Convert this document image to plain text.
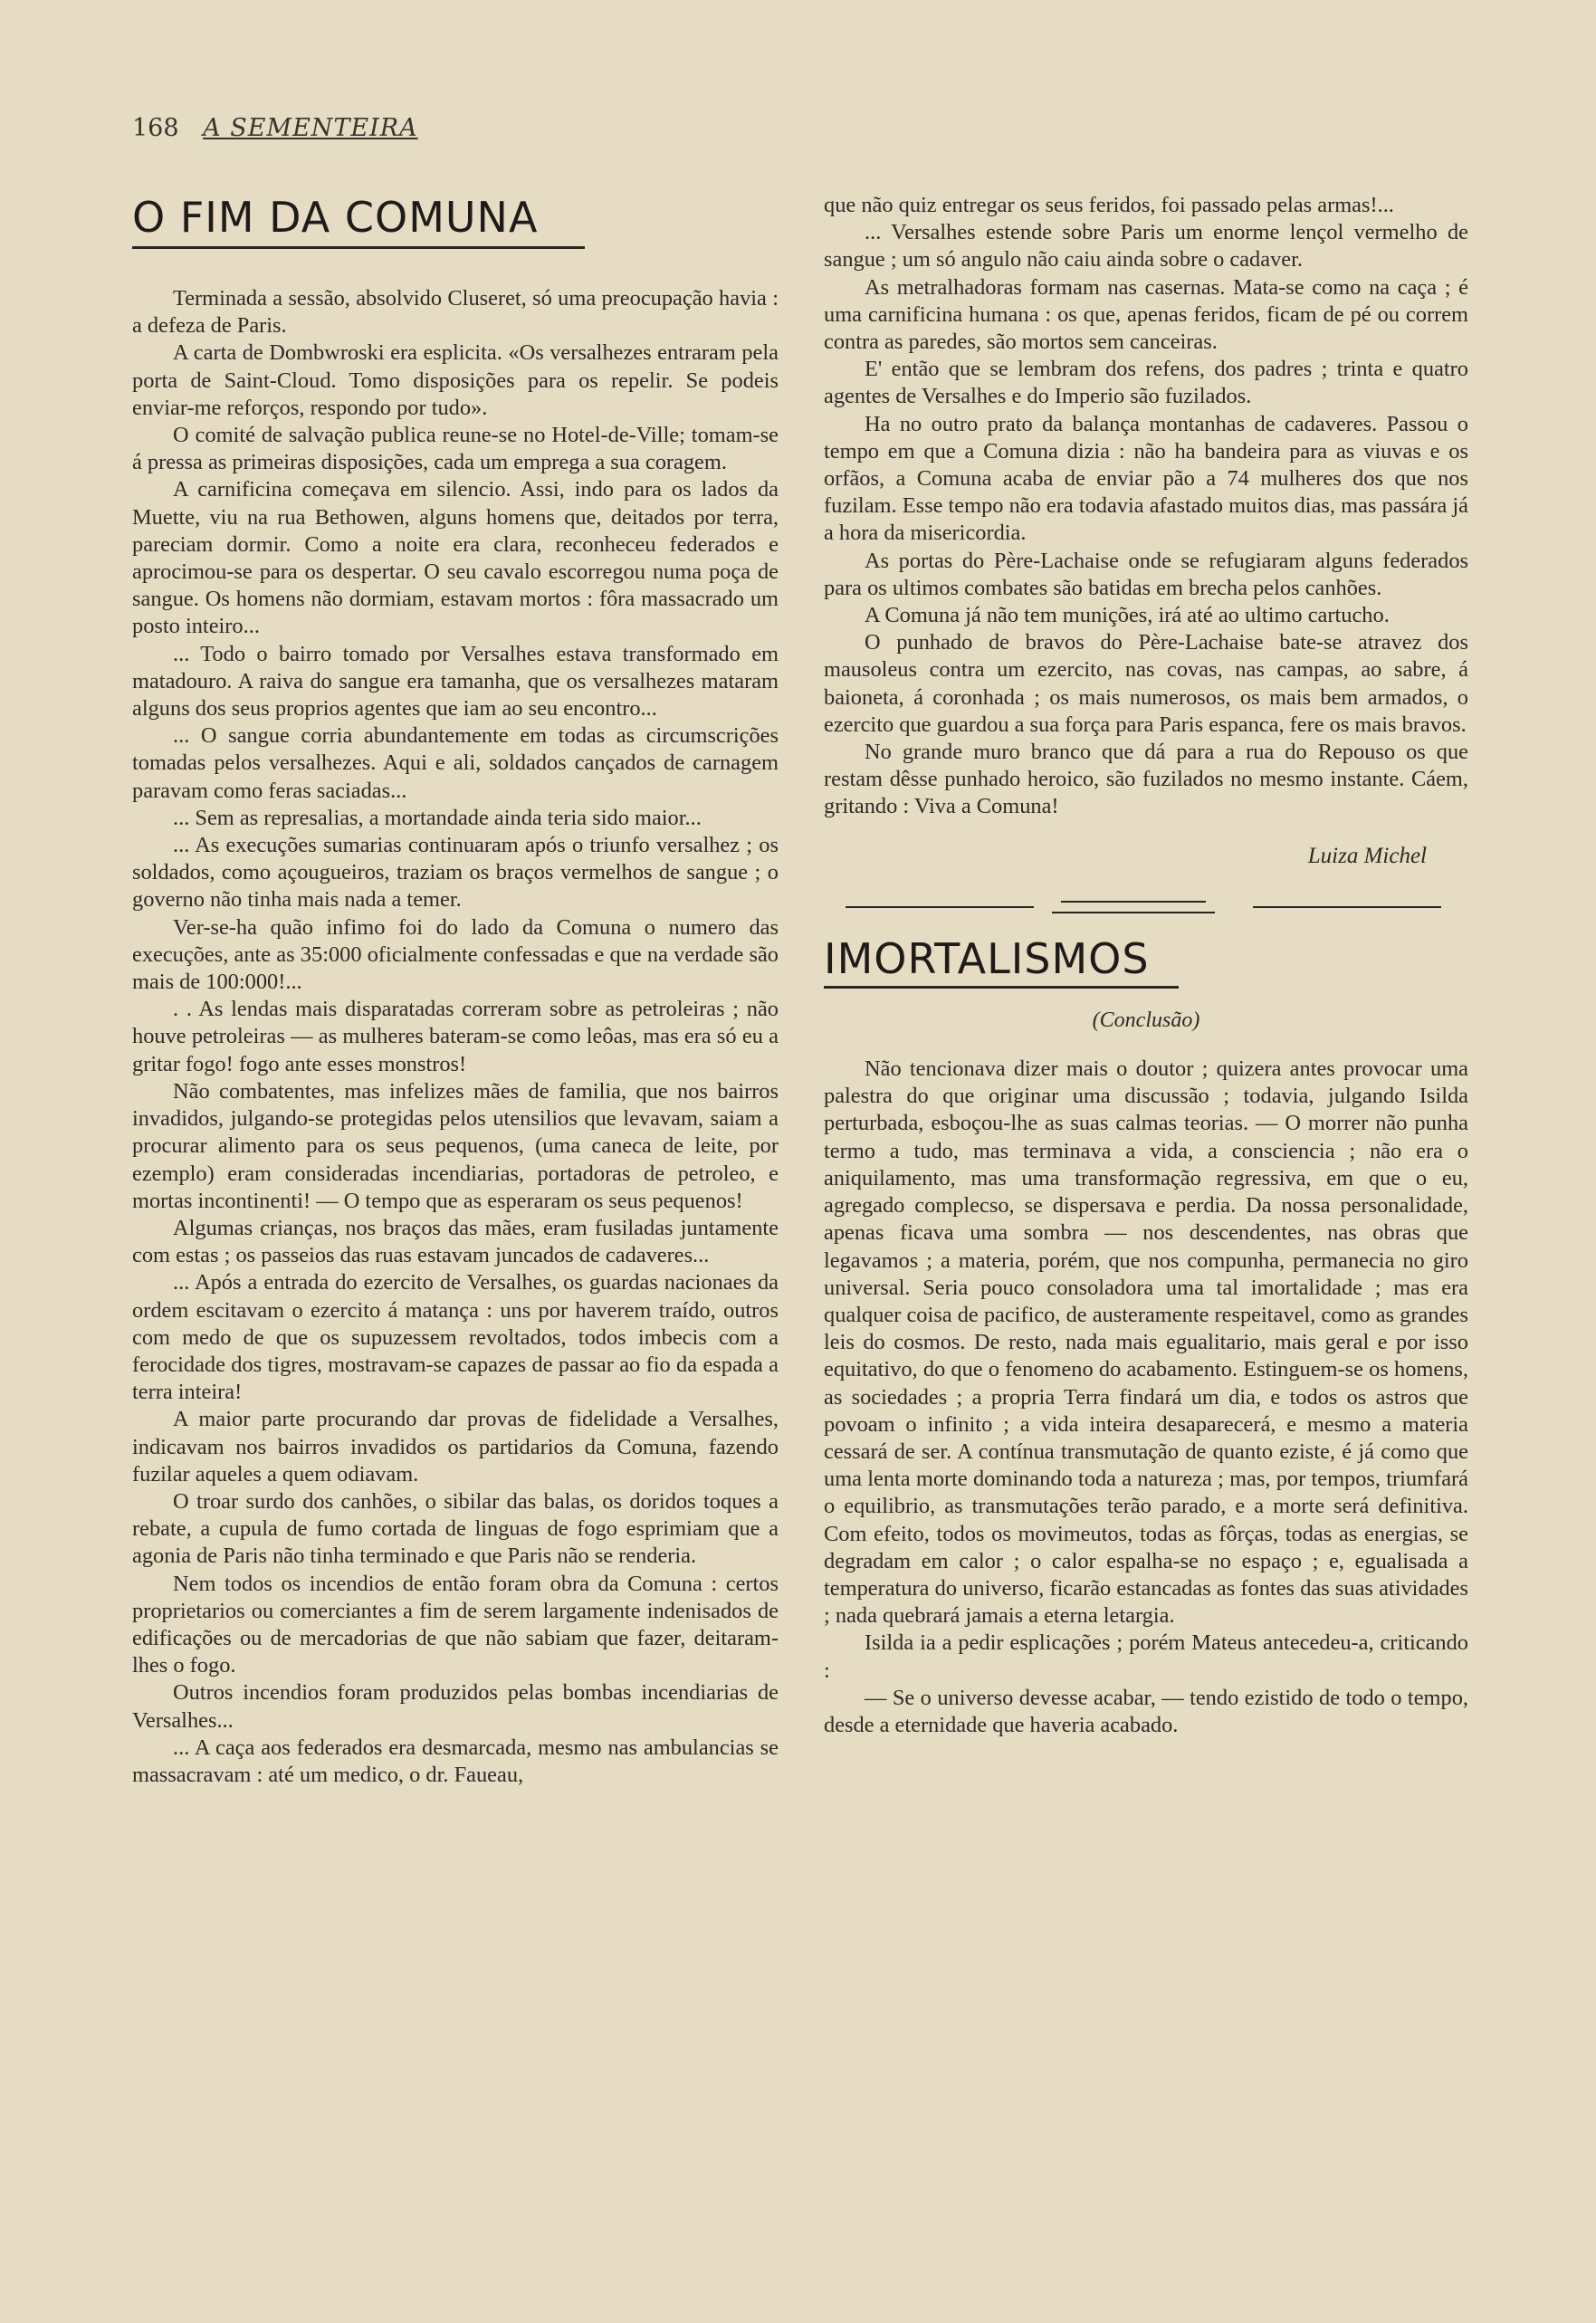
168 A SEMENTEIRA
O FIM DA COMUNA

Terminada a sessão, absolvido Cluseret, só uma preocupação havia : a defeza de Paris.

A carta de Dombwroski era esplicita. «Os versalhezes entraram pela porta de Saint-Cloud. Tomo disposições para os repelir. Se podeis enviar-me reforços, respondo por tudo».

O comité de salvação publica reune-se no Hotel-de-Ville; tomam-se á pressa as primeiras disposições, cada um emprega a sua coragem.

A carnificina começava em silencio. Assi, indo para os lados da Muette, viu na rua Bethowen, alguns homens que, deitados por terra, pareciam dormir. Como a noite era clara, reconheceu federados e aprocimou-se para os despertar. O seu cavalo escorregou numa poça de sangue. Os homens não dormiam, estavam mortos : fôra massacrado um posto inteiro...

... Todo o bairro tomado por Versalhes estava transformado em matadouro. A raiva do sangue era tamanha, que os versalhezes mataram alguns dos seus proprios agentes que iam ao seu encontro...

... O sangue corria abundantemente em todas as circumscrições tomadas pelos versalhezes. Aqui e ali, soldados cançados de carnagem paravam como feras saciadas...

... Sem as represalias, a mortandade ainda teria sido maior...

... As execuções sumarias continuaram após o triunfo versalhez ; os soldados, como açougueiros, traziam os braços vermelhos de sangue ; o governo não tinha mais nada a temer.

Ver-se-ha quão infimo foi do lado da Comuna o numero das execuções, ante as 35:000 oficialmente confessadas e que na verdade são mais de 100:000!...

. . As lendas mais disparatadas correram sobre as petroleiras ; não houve petroleiras — as mulheres bateram-se como leôas, mas era só eu a gritar fogo! fogo ante esses monstros!

Não combatentes, mas infelizes mães de familia, que nos bairros invadidos, julgando-se protegidas pelos utensilios que levavam, saiam a procurar alimento para os seus pequenos, (uma caneca de leite, por ezemplo) eram consideradas incendiarias, portadoras de petroleo, e mortas incontinenti! — O tempo que as esperaram os seus pequenos!

Algumas crianças, nos braços das mães, eram fusiladas juntamente com estas ; os passeios das ruas estavam juncados de cadaveres...

... Após a entrada do ezercito de Versalhes, os guardas nacionaes da ordem escitavam o ezercito á matança : uns por haverem traído, outros com medo de que os supuzessem revoltados, todos imbecis com a ferocidade dos tigres, mostravam-se capazes de passar ao fio da espada a terra inteira!

A maior parte procurando dar provas de fidelidade a Versalhes, indicavam nos bairros invadidos os partidarios da Comuna, fazendo fuzilar aqueles a quem odiavam.

O troar surdo dos canhões, o sibilar das balas, os doridos toques a rebate, a cupula de fumo cortada de linguas de fogo esprimiam que a agonia de Paris não tinha terminado e que Paris não se renderia.

Nem todos os incendios de então foram obra da Comuna : certos proprietarios ou comerciantes a fim de serem largamente indenisados de edificações ou de mercadorias de que não sabiam que fazer, deitaram-lhes o fogo.

Outros incendios foram produzidos pelas bombas incendiarias de Versalhes...

... A caça aos federados era desmarcada, mesmo nas ambulancias se massacravam : até um medico, o dr. Faueau,

que não quiz entregar os seus feridos, foi passado pelas armas!...

... Versalhes estende sobre Paris um enorme lençol vermelho de sangue ; um só angulo não caiu ainda sobre o cadaver.

As metralhadoras formam nas casernas. Mata-se como na caça ; é uma carnificina humana : os que, apenas feridos, ficam de pé ou correm contra as paredes, são mortos sem canceiras.

E' então que se lembram dos refens, dos padres ; trinta e quatro agentes de Versalhes e do Imperio são fuzilados.

Ha no outro prato da balança montanhas de cadaveres. Passou o tempo em que a Comuna dizia : não ha bandeira para as viuvas e os orfãos, a Comuna acaba de enviar pão a 74 mulheres dos que nos fuzilam. Esse tempo não era todavia afastado muitos dias, mas passára já a hora da misericordia.

As portas do Père-Lachaise onde se refugiaram alguns federados para os ultimos combates são batidas em brecha pelos canhões.

A Comuna já não tem munições, irá até ao ultimo cartucho.

O punhado de bravos do Père-Lachaise bate-se atravez dos mausoleus contra um ezercito, nas covas, nas campas, ao sabre, á baioneta, á coronhada ; os mais numerosos, os mais bem armados, o ezercito que guardou a sua força para Paris espanca, fere os mais bravos.

No grande muro branco que dá para a rua do Repouso os que restam dêsse punhado heroico, são fuzilados no mesmo instante. Cáem, gritando : Viva a Comuna!

Luiza Michel
IMORTALISMOS
(Conclusão)

Não tencionava dizer mais o doutor ; quizera antes provocar uma palestra do que originar uma discussão ; todavia, julgando Isilda perturbada, esboçou-lhe as suas calmas teorias. — O morrer não punha termo a tudo, mas terminava a vida, a consciencia ; não era o aniquilamento, mas uma transformação regressiva, em que o eu, agregado complecso, se dispersava e perdia. Da nossa personalidade, apenas ficava uma sombra — nos descendentes, nas obras que legavamos ; a materia, porém, que nos compunha, permanecia no giro universal. Seria pouco consoladora uma tal imortalidade ; mas era qualquer coisa de pacifico, de austeramente respeitavel, como as grandes leis do cosmos. De resto, nada mais egualitario, mais geral e por isso equitativo, do que o fenomeno do acabamento. Estinguem-se os homens, as sociedades ; a propria Terra findará um dia, e todos os astros que povoam o infinito ; a vida inteira desaparecerá, e mesmo a materia cessará de ser. A contínua transmutação de quanto eziste, é já como que uma lenta morte dominando toda a natureza ; mas, por tempos, triumfará o equilibrio, as transmutações terão parado, e a morte será definitiva. Com efeito, todos os movimeutos, todas as fôrças, todas as energias, se degradam em calor ; o calor espalha-se no espaço ; e, egualisada a temperatura do universo, ficarão estancadas as fontes das suas atividades ; nada quebrará jamais a eterna letargia.

Isilda ia a pedir esplicações ; porém Mateus antecedeu-a, criticando :

— Se o universo devesse acabar, — tendo ezistido de todo o tempo, desde a eternidade que haveria acabado.
